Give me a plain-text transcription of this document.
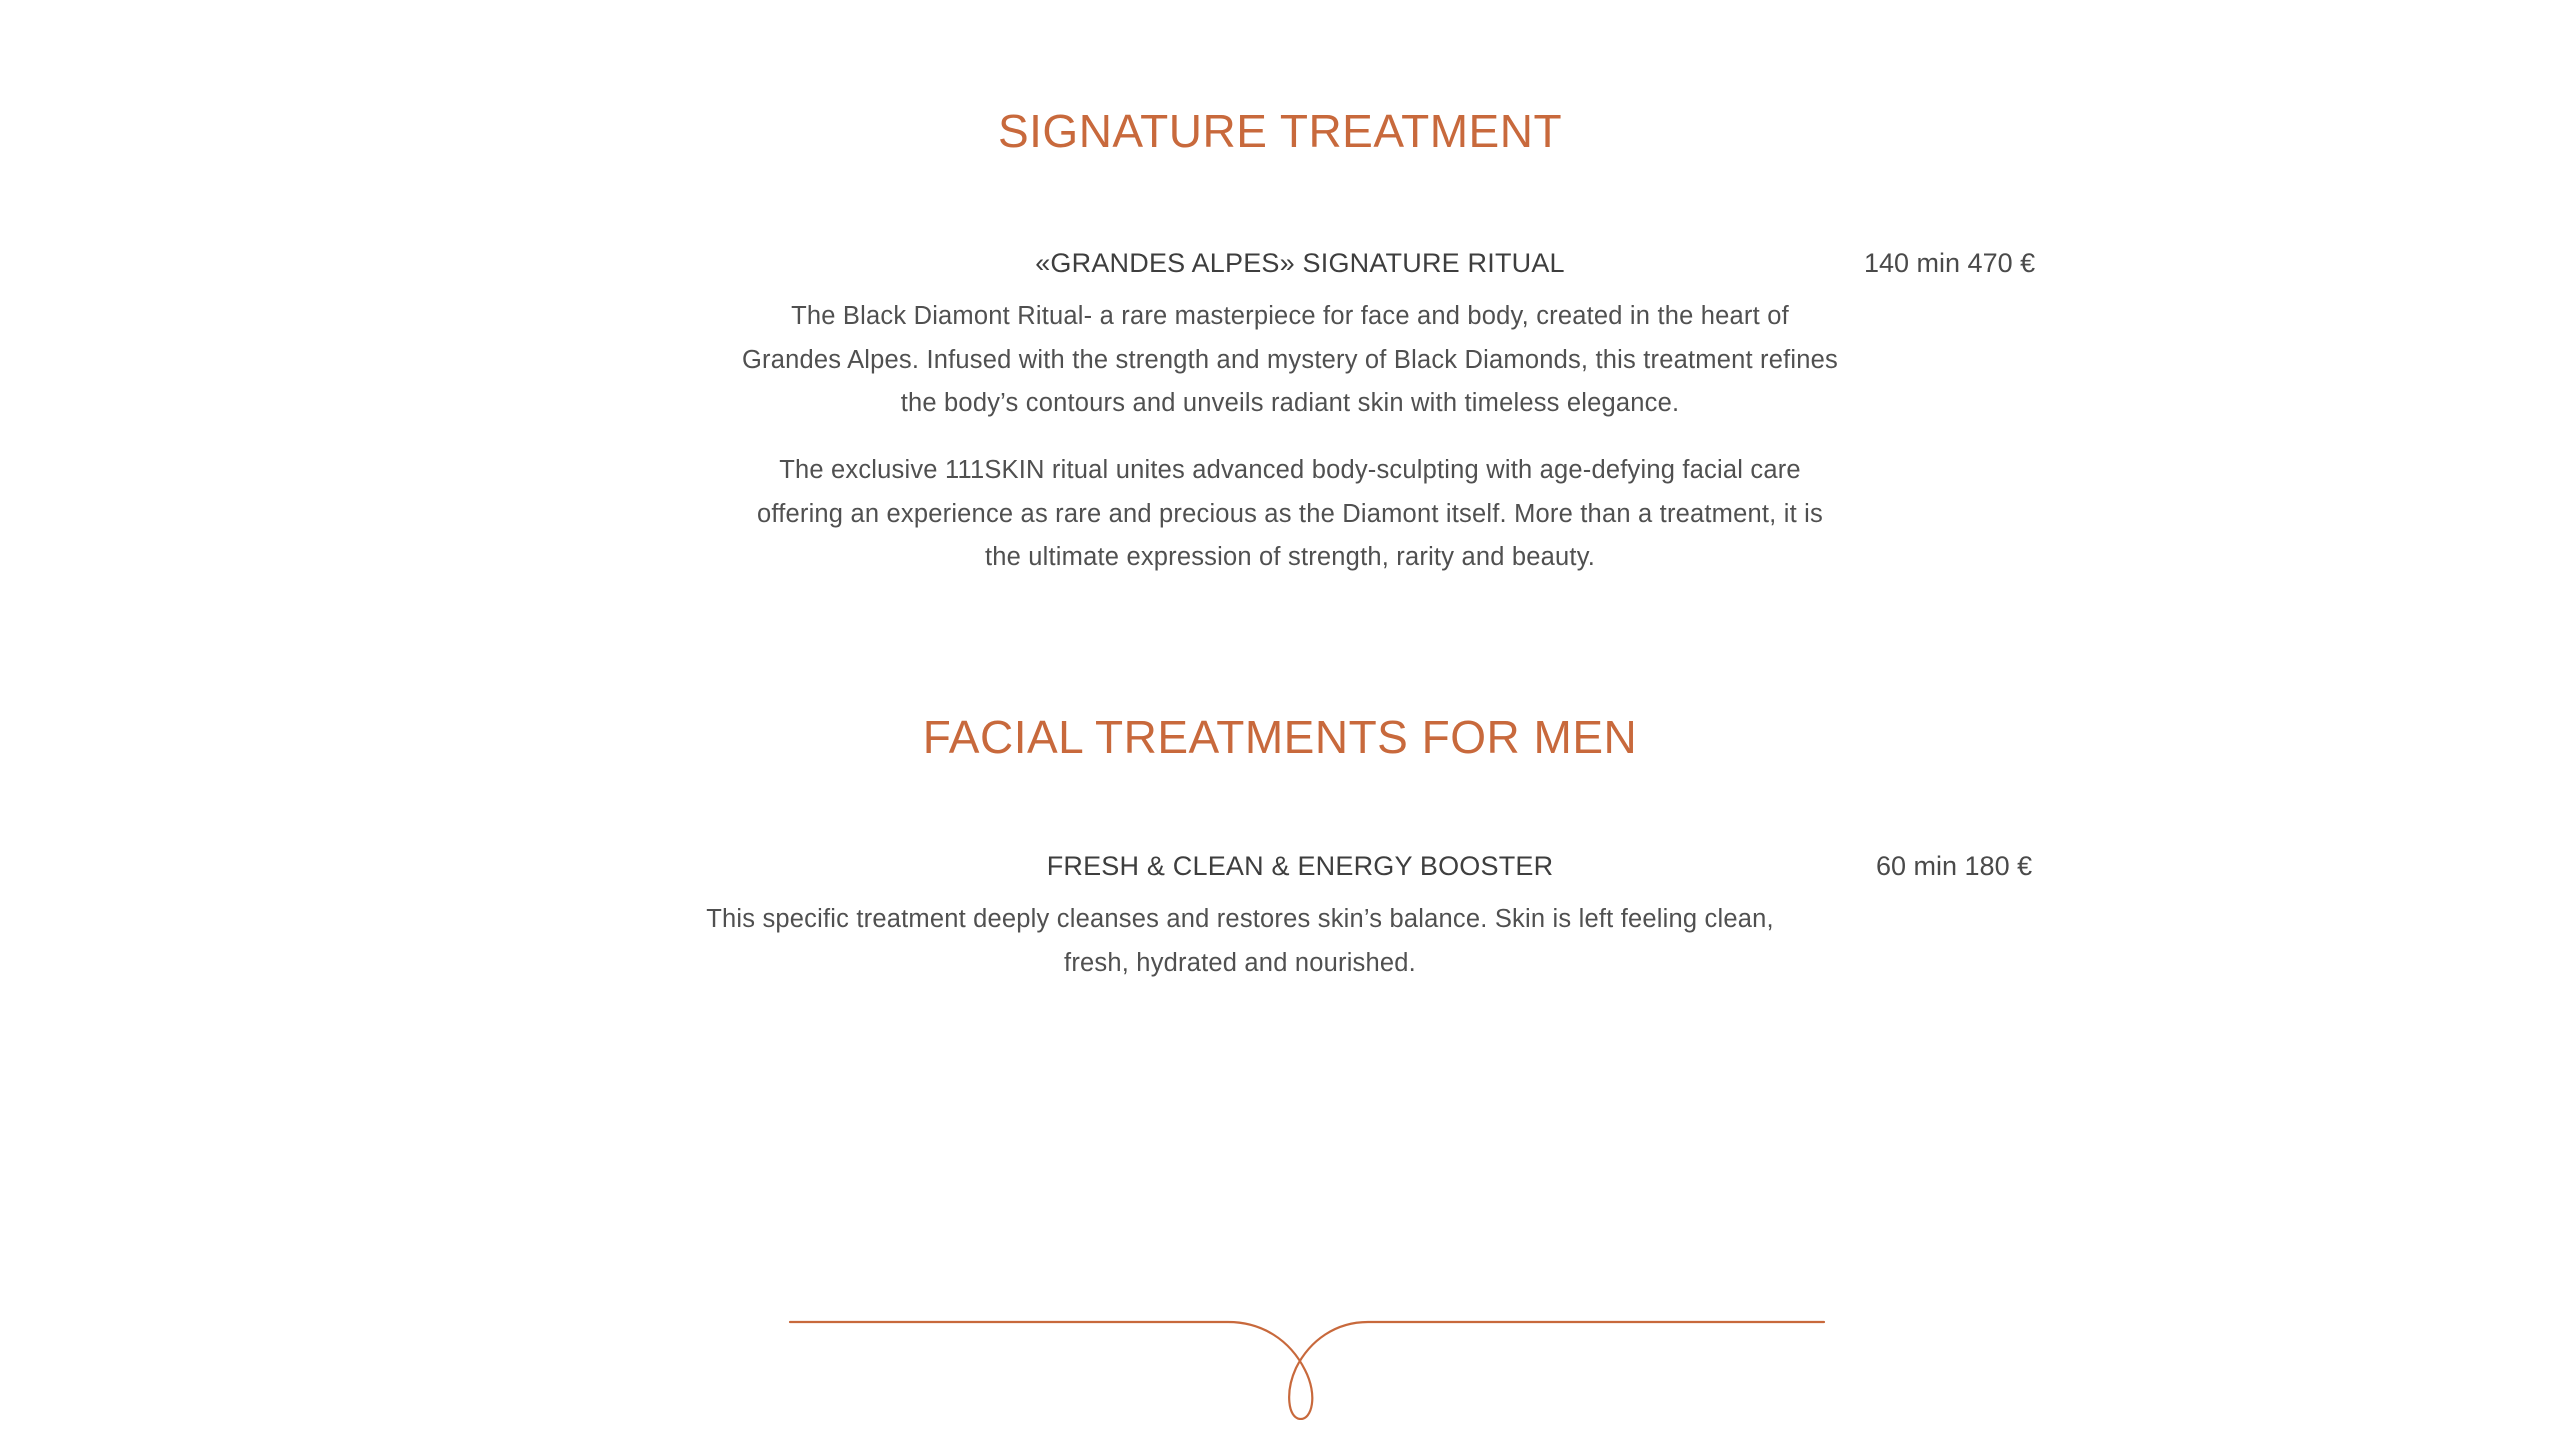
SIGNATURE TREATMENT
«GRANDES ALPES» SIGNATURE RITUAL	140 min 470 €

The Black Diamont Ritual- a rare masterpiece for face and body, created in the heart of Grandes Alpes. Infused with the strength and mystery of Black Diamonds, this treatment refines the body’s contours and unveils radiant skin with timeless elegance.

The exclusive 111SKIN ritual unites advanced body-sculpting with age-defying facial care offering an experience as rare and precious as the Diamont itself. More than a treatment, it is the ultimate expression of strength, rarity and beauty.

FACIAL TREATMENTS FOR MEN
FRESH & CLEAN & ENERGY BOOSTER	60 min 180 €

This specific treatment deeply cleanses and restores skin’s balance. Skin is left feeling clean, fresh, hydrated and nourished.
